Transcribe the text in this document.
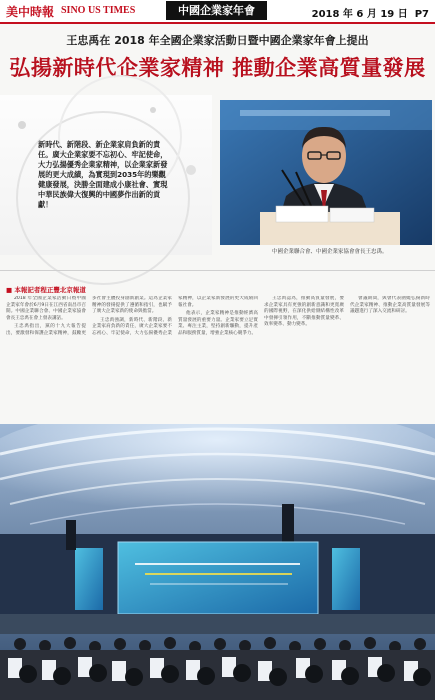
美中時報 SINO US TIMES	中國企業家年會	2018 年 6 月 19 日 P7
王忠禹在 2018 年全國企業家活動日暨中國企業家年會上提出
弘揚新時代企業家精神 推動企業高質量發展
新時代、新階段、新企業家肩負新的責任。廣大企業家要不忘初心、牢記使命，大力弘揚優秀企業家精神，以企業家新發展的更大成績，為實現到2035年的樂觀健康發展，決勝全面建成小康社會、實現中華民族偉大復興的中國夢作出新的貢獻！
中國企業聯合會、中國企業家協會會長王忠禹。
■ 本報記者程正豐北京報道

2018 年全國企業家活動日暨中國企業家年會於6月9日在江西省南昌市召開。中國企業聯合會、中國企業家協會會長王忠禹在會上發表講話。

王忠禹指出，黨的十九大報告提出，要激發和保護企業家精神，鼓勵更多社會主體投身創新創業。這為企業家精神的發揚提供了遵循和指引，也賦予了廣大企業家新的使命與擔當。

王忠禹強調，新時代、新階段、新企業家肩負新的責任，廣大企業家要不忘初心、牢記使命，大力弘揚優秀企業家精神，以企業家新發展的更大成績回報社會。

他表示，企業家精神是推動經濟高質量發展的重要力量。企業家要立足實業、專注主業，堅持創新驅動，提升產品和服務質量，增強企業核心競爭力。

王忠禹認為，推動高質量發展，要求企業家具有更強的創新意識和更寬廣的國際視野，在深化供給側結構性改革中發揮引領作用，不斷推動質量變革、效率變革、動力變革。

會議期間，與會代表圍繞弘揚新時代企業家精神、推動企業高質量發展等議題進行了深入交流和研討。
